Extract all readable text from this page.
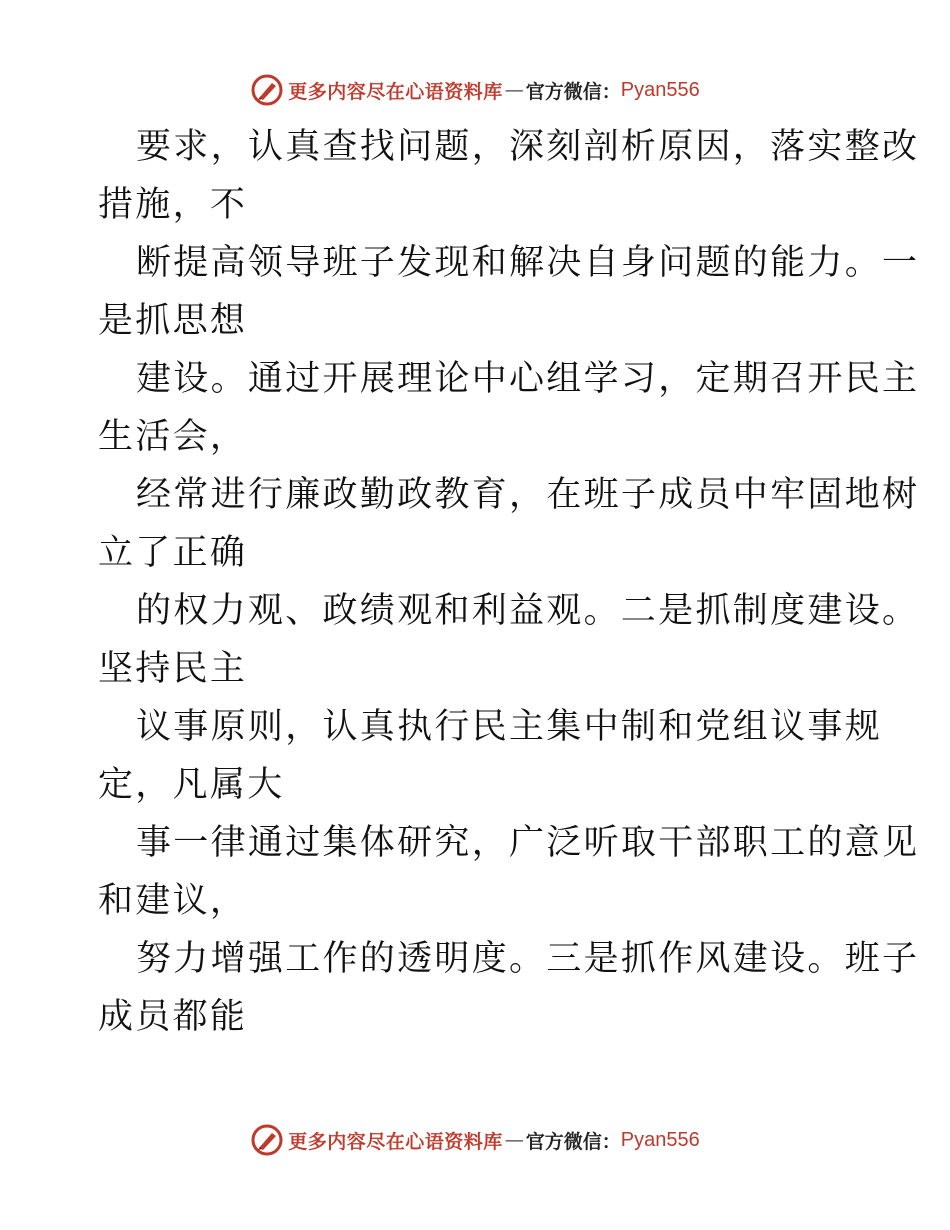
更多内容尽在心语资料库 — 官方微信： Pyan556
要求，认真查找问题，深刻剖析原因，落实整改
措施，不
断提高领导班子发现和解决自身问题的能力。一
是抓思想
建设。通过开展理论中心组学习，定期召开民主
生活会，
经常进行廉政勤政教育，在班子成员中牢固地树
立了正确
的权力观、政绩观和利益观。二是抓制度建设。
坚持民主
议事原则，认真执行民主集中制和党组议事规
定，凡属大
事一律通过集体研究，广泛听取干部职工的意见
和建议，
努力增强工作的透明度。三是抓作风建设。班子
成员都能
更多内容尽在心语资料库 — 官方微信： Pyan556
